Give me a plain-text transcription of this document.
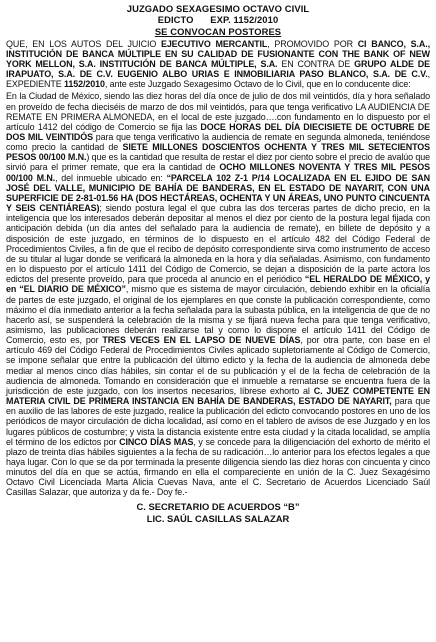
JUZGADO SEXAGESIMO OCTAVO CIVIL
EDICTO EXP. 1152/2010
SE CONVOCAN POSTORES
QUE, EN LOS AUTOS DEL JUICIO EJECUTIVO MERCANTIL, PROMOVIDO POR CI BANCO, S.A., INSTITUCIÓN DE BANCA MÚLTIPLE EN SU CALIDAD DE FUSIONANTE CON THE BANK OF NEW YORK MELLON, S.A. INSTITUCIÓN DE BANCA MÚLTIPLE, S.A. EN CONTRA DE GRUPO ALDE DE IRAPUATO, S.A. DE C.V. EUGENIO ALBO URIAS E INMOBILIARIA PASO BLANCO, S.A. DE C.V., EXPEDIENTE 1152/2010, ante este Juzgado Sexagesimo Octavo de lo Civil, que en lo conducente dice:
En la Ciudad de México, siendo las diez horas del día once de julio de dos mil veintidós, día y hora señalado en proveído de fecha dieciséis de marzo de dos mil veintidós, para que tenga verificativo LA AUDIENCIA DE REMATE EN PRIMERA ALMONEDA, en el local de este juzgado….con fundamento en lo dispuesto por el artículo 1412 del código de Comercio se fija las DOCE HORAS DEL DÍA DIECISIETE DE OCTUBRE DE DOS MIL VEINTIDÓS para que tenga verificativo la audiencia de remate en segunda almoneda, teniéndose como precio la cantidad de SIETE MILLONES DOSCIENTOS OCHENTA Y TRES MIL SETECIENTOS PESOS 00/100 M.N.) que es la cantidad que resulta de restar el diez por ciento sobre el precio de avalúo que sirvió para el primer remate, que era la cantidad de OCHO MILLONES NOVENTA Y TRES MIL PESOS 00/100 M.N., del inmueble ubicado en: “PARCELA 102 Z-1 P/14 LOCALIZADA EN EL EJIDO DE SAN JOSÉ DEL VALLE, MUNICIPIO DE BAHÍA DE BANDERAS, EN EL ESTADO DE NAYARIT, CON UNA SUPERFICIE DE 2-81-01.56 HA (DOS HECTÁREAS, OCHENTA Y UN ÁREAS, UNO PUNTO CINCUENTA Y SEIS CENTIÁREAS); siendo postura legal el que cubra las dos terceras partes de dicho precio, en la inteligencia que los interesados deberán depositar al menos el diez por ciento de la postura legal fijada con anticipación debida (un día antes del señalado para la audiencia de remate), en billete de depósito y a disposición de este juzgado, en términos de lo dispuesto en el artículo 482 del Código Federal de Procedimientos Civiles, a fin de que el recibo de depósito correspondiente sirva como instrumento de acceso de su titular al lugar donde se verificará la almoneda en la hora y día señaladas. Asimismo, con fundamento en lo dispuesto por el artículo 1411 del Código de Comercio, se dejan a disposición de la parte actora los edictos del presente proveído, para que proceda al anuncio en el periódico “EL HERALDO DE MÉXICO, y en “EL DIARIO DE MÉXICO”, mismo que es sistema de mayor circulación, debiendo exhibir en la oficialía de partes de este juzgado, el original de los ejemplares en que conste la publicación correspondiente, como máximo el día inmediato anterior a la fecha señalada para la subasta pública, en la inteligencia de que de no hacerlo así, se suspenderá la celebración de la misma y se fijará nueva fecha para que tenga verificativo, asimismo, las publicaciones deberán realizarse tal y como lo dispone el artículo 1411 del Código de Comercio, esto es, por TRES VECES EN EL LAPSO DE NUEVE DÍAS, por otra parte, con base en el artículo 469 del Código Federal de Procedimientos Civiles aplicado supletoriamente al Código de Comercio, se impone señalar que entre la publicación del último edicto y la fecha de la audiencia de almoneda debe mediar al menos cinco días hábiles, sin contar el de su publicación y el de la fecha de celebración de la audiencia de almoneda. Tomando en consideración que el inmueble a rematarse se encuentra fuera de la jurisdicción de este juzgado, con los insertos necesarios, líbrese exhorto al C. JUEZ COMPETENTE EN MATERIA CIVIL DE PRIMERA INSTANCIA EN BAHÍA DE BANDERAS, ESTADO DE NAYARIT, para que en auxilio de las labores de este juzgado, realice la publicación del edicto convocando postores en uno de los periódicos de mayor circulación de dicha localidad, así como en el tablero de avisos de ese Juzgado y en los lugares públicos de costumbre; y vista la distancia existente entre esta ciudad y la citada localidad, se amplía el término de los edictos por CINCO DÍAS MAS, y se concede para la diligenciación del exhorto de mérito el plazo de treinta días hábiles siguientes a la fecha de su radicación…lo anterior para los efectos legales a que haya lugar. Con lo que se da por terminada la presente diligencia siendo las diez horas con cincuenta y cinco minutos del día en que se actúa, firmando en ella el compareciente en unión de la C. Juez Sexagésimo Octavo Civil Licenciada Marta Alicia Cuevas Nava, ante el C. Secretario de Acuerdos Licenciado Saúl Casillas Salazar, que autoriza y da fe.- Doy fe.-
C. SECRETARIO DE ACUERDOS “B”
LIC. SAÚL CASILLAS SALAZAR
